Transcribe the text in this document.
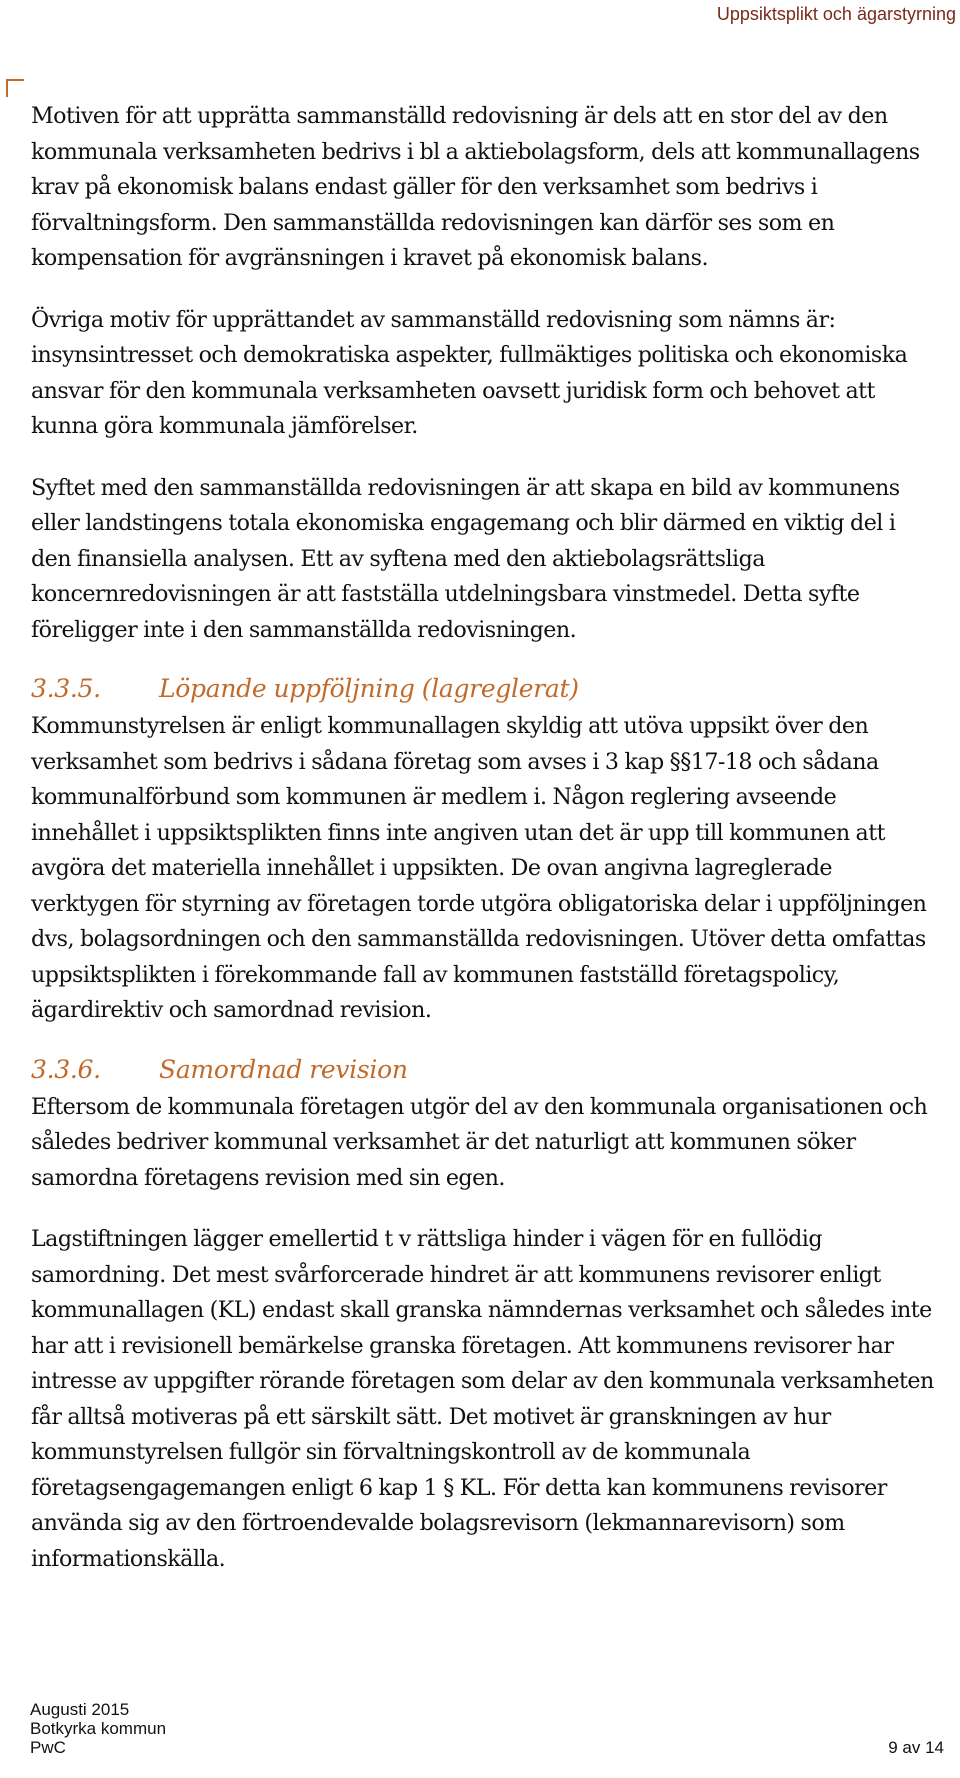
Uppsiktsplikt och ägarstyrning

Motiven för att upprätta sammanställd redovisning är dels att en stor del av den kommunala verksamheten bedrivs i bl a aktiebolagsform, dels att kommunallagens krav på ekonomisk balans endast gäller för den verksamhet som bedrivs i förvaltningsform. Den sammanställda redovisningen kan därför ses som en kompensation för avgränsningen i kravet på ekonomisk balans.

Övriga motiv för upprättandet av sammanställd redovisning som nämns är: insynsintresset och demokratiska aspekter, fullmäktiges politiska och ekonomiska ansvar för den kommunala verksamheten oavsett juridisk form och behovet att kunna göra kommunala jämförelser.

Syftet med den sammanställda redovisningen är att skapa en bild av kommunens eller landstingens totala ekonomiska engagemang och blir därmed en viktig del i den finansiella analysen. Ett av syftena med den aktiebolagsrättsliga koncernredovisningen är att fastställa utdelningsbara vinstmedel. Detta syfte föreligger inte i den sammanställda redovisningen.

3.3.5.	Löpande uppföljning (lagreglerat)

Kommunstyrelsen är enligt kommunallagen skyldig att utöva uppsikt över den verksamhet som bedrivs i sådana företag som avses i 3 kap §§17-18 och sådana kommunalförbund som kommunen är medlem i. Någon reglering avseende innehållet i uppsiktsplikten finns inte angiven utan det är upp till kommunen att avgöra det materiella innehållet i uppsikten. De ovan angivna lagreglerade verktygen för styrning av företagen torde utgöra obligatoriska delar i uppföljningen dvs, bolagsordningen och den sammanställda redovisningen. Utöver detta omfattas uppsiktsplikten i förekommande fall av kommunen fastställd företagspolicy, ägardirektiv och samordnad revision.

3.3.6.	Samordnad revision

Eftersom de kommunala företagen utgör del av den kommunala organisationen och således bedriver kommunal verksamhet är det naturligt att kommunen söker samordna företagens revision med sin egen.

Lagstiftningen lägger emellertid t v rättsliga hinder i vägen för en fullödig samordning. Det mest svårforcerade hindret är att kommunens revisorer enligt kommunallagen (KL) endast skall granska nämndernas verksamhet och således inte har att i revisionell bemärkelse granska företagen. Att kommunens revisorer har intresse av uppgifter rörande företagen som delar av den kommunala verksamheten får alltså motiveras på ett särskilt sätt. Det motivet är granskningen av hur kommunstyrelsen fullgör sin förvaltningskontroll av de kommunala företagsengagemangen enligt 6 kap 1 § KL. För detta kan kommunens revisorer använda sig av den förtroendevalde bolagsrevisorn (lekmannarevisorn) som informationskälla.

Augusti 2015
Botkyrka kommun
PwC	9 av 14
